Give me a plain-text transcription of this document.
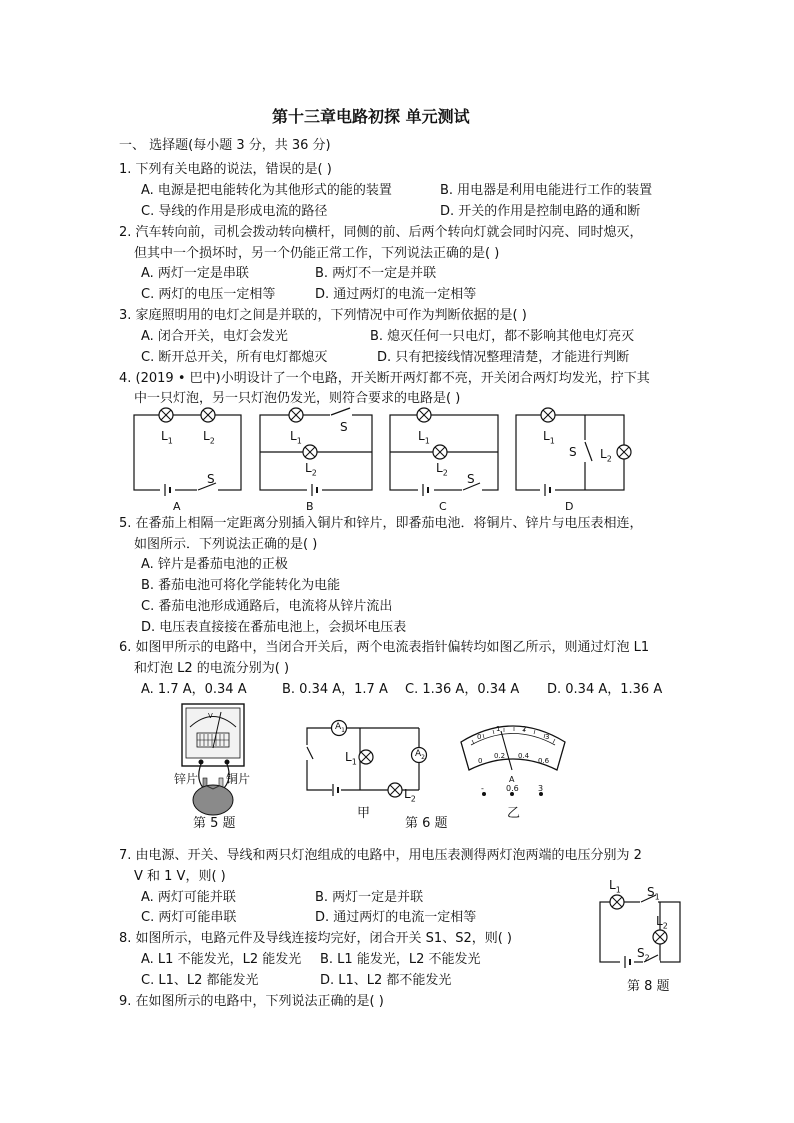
第十三章电路初探 单元测试
一、 选择题(每小题 3 分，共 36 分)
1. 下列有关电路的说法，错误的是( )
A. 电源是把电能转化为其他形式的能的装置	B. 用电器是利用电能进行工作的装置
C. 导线的作用是形成电流的路径	D. 开关的作用是控制电路的通和断
2. 汽车转向前，司机会拨动转向横杆，同侧的前、后两个转向灯就会同时闪亮、同时熄灭，
但其中一个损坏时，另一个仍能正常工作，下列说法正确的是( )
A. 两灯一定是串联	B. 两灯不一定是并联
C. 两灯的电压一定相等	D. 通过两灯的电流一定相等
3. 家庭照明用的电灯之间是并联的，下列情况中可作为判断依据的是( )
A. 闭合开关，电灯会发光	B. 熄灭任何一只电灯，都不影响其他电灯亮灭
C. 断开总开关，所有电灯都熄灭	D. 只有把接线情况整理清楚，才能进行判断
4. (2019 • 巴中)小明设计了一个电路，开关断开两灯都不亮，开关闭合两灯均发光，拧下其
中一只灯泡，另一只灯泡仍发光，则符合要求的电路是( )
$L_1$	$L_2$
S
A
$L_1$
S
$L_2$
B
$L_1$
$L_2$ S
C
$L_1$
S $L_2$
D
5. 在番茄上相隔一定距离分别插入铜片和锌片，即番茄电池．将铜片、锌片与电压表相连，
如图所示．下列说法正确的是( )
A. 锌片是番茄电池的正极
B. 番茄电池可将化学能转化为电能
C. 番茄电池形成通路后，电流将从锌片流出
D. 电压表直接接在番茄电池上，会损坏电压表
6. 如图甲所示的电路中，当闭合开关后，两个电流表指针偏转均如图乙所示，则通过灯泡 L1
和灯泡 L2 的电流分别为( )
A. 1.7 A，0.34 A	B. 0.34 A，1.7 A C. 1.36 A，0.34 A D. 0.34 A，1.36 A
V
锌片 铜片
第 5 题
$A_1$
$A_2$
$L_1$
$L_2$
甲
第 6 题
0
1	2
3
0
0.2 0.4
0.6
A
-	0.6 3
乙
7. 由电源、开关、导线和两只灯泡组成的电路中，用电压表测得两灯泡两端的电压分别为 2
V 和 1 V，则( )
A. 两灯可能并联	B. 两灯一定是并联
C. 两灯可能串联	D. 通过两灯的电流一定相等
8. 如图所示，电路元件及导线连接均完好，闭合开关 S1、S2，则( )
A. L1 不能发光，L2 能发光 B. L1 能发光，L2 不能发光
C. L1、L2 都能发光	D. L1、L2 都不能发光
$L_1$ $S_1$
$L_2$
$S_2$
第 8 题
9. 在如图所示的电路中，下列说法正确的是( )
